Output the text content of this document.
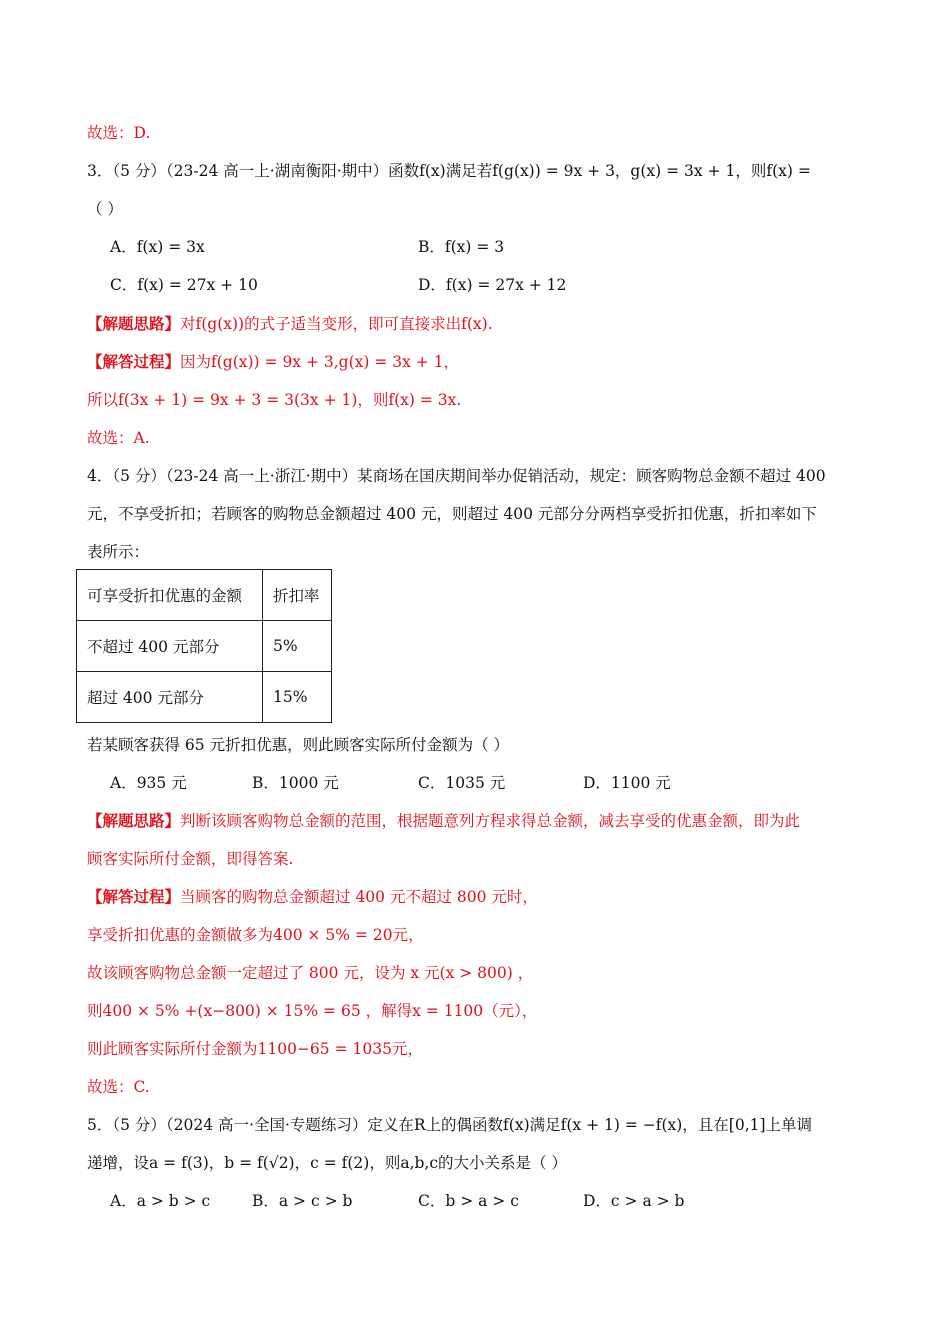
故选：D.
3．（5 分）（23-24 高一上·湖南衡阳·期中）函数f(x)满足若f(g(x)) = 9x + 3，g(x) = 3x + 1，则f(x) =
（ ）
A．f(x) = 3x	B．f(x) = 3
C．f(x) = 27x + 10	D．f(x) = 27x + 12
【解题思路】对f(g(x))的式子适当变形，即可直接求出f(x).
【解答过程】因为f(g(x)) = 9x + 3,g(x) = 3x + 1，
所以f(3x + 1) = 9x + 3 = 3(3x + 1)，则f(x) = 3x.
故选：A.
4．（5 分）（23-24 高一上·浙江·期中）某商场在国庆期间举办促销活动，规定：顾客购物总金额不超过 400
元，不享受折扣；若顾客的购物总金额超过 400 元，则超过 400 元部分分两档享受折扣优惠，折扣率如下
表所示：
可享受折扣优惠的金额	折扣率
不超过 400 元部分	5%
超过 400 元部分	15%
若某顾客获得 65 元折扣优惠，则此顾客实际所付金额为（ ）
A．935 元	B．1000 元	C．1035 元	D．1100 元
【解题思路】判断该顾客购物总金额的范围，根据题意列方程求得总金额，减去享受的优惠金额，即为此
顾客实际所付金额，即得答案.
【解答过程】当顾客的购物总金额超过 400 元不超过 800 元时，
享受折扣优惠的金额做多为400 × 5% = 20元，
故该顾客购物总金额一定超过了 800 元，设为 x 元(x > 800) ，
则400 × 5% +(x−800) × 15% = 65 ，解得x = 1100（元），
则此顾客实际所付金额为1100−65 = 1035元，
故选：C.
5．（5 分）（2024 高一·全国·专题练习）定义在R上的偶函数f(x)满足f(x + 1) = −f(x)，且在[0,1]上单调
递增，设a = f(3)，b = f(√2)，c = f(2)，则a,b,c的大小关系是（ ）
A．a > b > c	B．a > c > b	C．b > a > c	D．c > a > b
